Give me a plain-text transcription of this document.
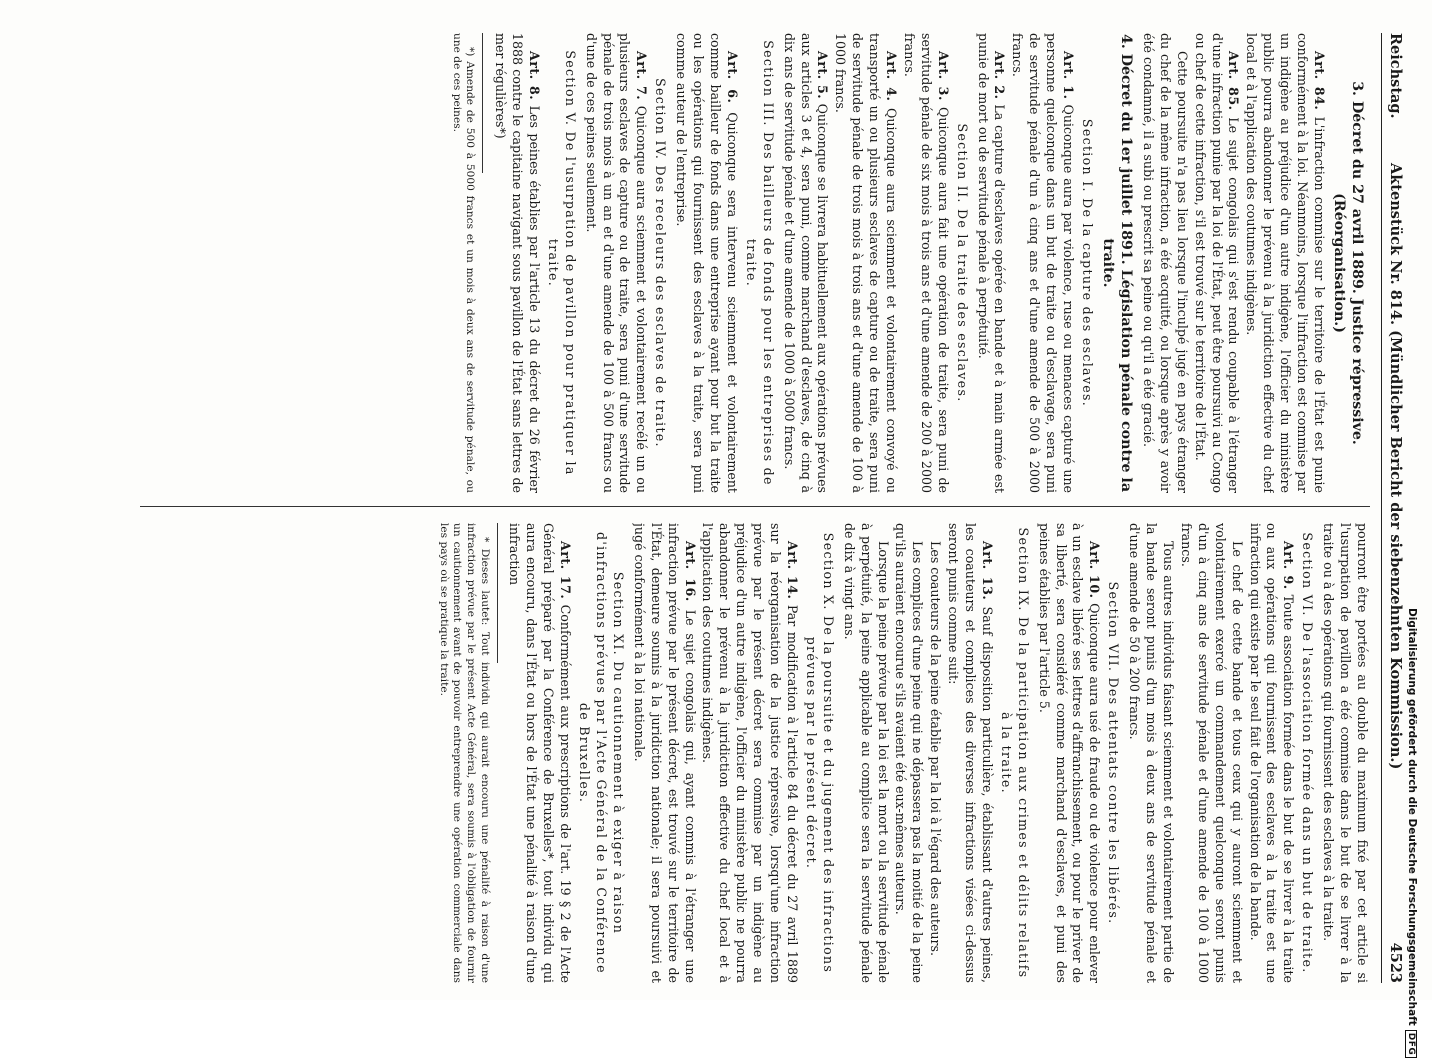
Reichstag.
Aktenstück Nr. 814. (Mündlicher Bericht der siebenzehnten Kommission.)
4523

3. Décret du 27 avril 1889. Justice répressive. (Réorganisation.)

Art. 84. L'infraction commise sur le territoire de l'État est punie conformément à la loi. Néanmoins, lorsque l'infraction est commise par un indigène au préjudice d'un autre indigène, l'officier du ministère public pourra abandonner le prévenu à la juridiction effective du chef local et à l'application des coutumes indigènes.

Art. 85. Le sujet congolais qui s'est rendu coupable à l'étranger d'une infraction punie par la loi de l'État, peut être poursuivi au Congo ou chef de cette infraction, s'il est trouvé sur le territoire de l'État.

Cette poursuite n'a pas lieu lorsque l'inculpé jugé en pays étranger du chef de la même infraction, a été acquitté, ou lorsque après y avoir été condamné, il a subi ou prescrit sa peine ou qu'il a été gracié.

4. Décret du 1er juillet 1891. Législation pénale contre la traite.

Section I. De la capture des esclaves.

Art. 1. Quiconque aura par violence, ruse ou menaces capturé une personne quelconque dans un but de traite ou d'esclavage, sera puni de servitude pénale d'un à cinq ans et d'une amende de 500 à 2000 francs.

Art. 2. La capture d'esclaves opérée en bande et à main armée est punie de mort ou de servitude pénale à perpétuité.

Section II. De la traite des esclaves.

Art. 3. Quiconque aura fait une opération de traite, sera puni de servitude pénale de six mois à trois ans et d'une amende de 200 à 2000 francs.

Art. 4. Quiconque aura sciemment et volontairement convoyé ou transporté un ou plusieurs esclaves de capture ou de traite, sera puni de servitude pénale de trois mois à trois ans et d'une amende de 100 à 1000 francs.

Art. 5. Quiconque se livrera habituellement aux opérations prévues aux articles 3 et 4, sera puni, comme marchand d'esclaves, de cinq à dix ans de servitude pénale et d'une amende de 1000 à 5000 francs.

Section III. Des bailleurs de fonds pour les entreprises de traite.

Art. 6. Quiconque sera intervenu sciemment et volontairement comme bailleur de fonds dans une entreprise ayant pour but la traite ou les opérations qui fournissent des esclaves à la traite, sera puni comme auteur de l'entreprise.

Section IV. Des receleurs des esclaves de traite.

Art. 7. Quiconque aura sciemment et volontairement recélé un ou plusieurs esclaves de capture ou de traite, sera puni d'une servitude pénale de trois mois à un an et d'une amende de 100 à 500 francs ou d'une de ces peines seulement.

Section V. De l'usurpation de pavillon pour pratiquer la traite.

Art. 8. Les peines établies par l'article 13 du décret du 26 février 1888 contre le capitaine navigant sous pavillon de l'État sans lettres de mer régulières*)

*) Amende de 500 à 5000 francs et un mois à deux ans de servitude pénale, ou une de ces peines.

pourront être portées au double du maximum fixé par cet article si l'usurpation de pavillon a été commise dans le but de se livrer à la traite ou à des opérations qui fournissent des esclaves à la traite.

Section VI. De l'association formée dans un but de traite.

Art. 9. Toute association formée dans le but de se livrer à la traite ou aux opérations qui fournissent des esclaves à la traite est une infraction qui existe par le seul fait de l'organisation de la bande.

Le chef de cette bande et tous ceux qui y auront sciemment et volontairement exercé un commandement quelconque seront punis d'un à cinq ans de servitude pénale et d'une amende de 100 à 1000 francs.

Tous autres individus faisant sciemment et volontairement partie de la bande seront punis d'un mois à deux ans de servitude pénale et d'une amende de 50 à 200 francs.

Section VII. Des attentats contre les libérés.

Art. 10. Quiconque aura usé de fraude ou de violence pour enlever à un esclave libéré ses lettres d'affranchissement, ou pour le priver de sa liberté, sera considéré comme marchand d'esclaves, et puni des peines établies par l'article 5.

Section IX. De la participation aux crimes et délits relatifs à la traite.

Art. 13. Sauf disposition particulière, établissant d'autres peines, les coauteurs et complices des diverses infractions visées ci-dessus seront punis comme suit:

Les coauteurs de la peine établie par la loi à l'égard des auteurs.

Les complices d'une peine qui ne dépassera pas la moitié de la peine qu'ils auraient encourue s'ils avaient été eux-mêmes auteurs.

Lorsque la peine prévue par la loi est la mort ou la servitude pénale à perpétuité, la peine applicable au complice sera la servitude pénale de dix à vingt ans.

Section X. De la poursuite et du jugement des infractions prévues par le présent décret.

Art. 14. Par modification à l'article 84 du décret du 27 avril 1889 sur la réorganisation de la justice répressive, lorsqu'une infraction prévue par le présent décret sera commise par un indigène au préjudice d'un autre indigène, l'officier du ministère public ne pourra abandonner le prévenu à la juridiction effective du chef local et à l'application des coutumes indigènes.

Art. 16. Le sujet congolais qui, ayant commis à l'étranger une infraction prévue par le présent décret, est trouvé sur le territoire de l'État, demeure soumis à la juridiction nationale; il sera poursuivi et jugé conformément à la loi nationale.

Section XI. Du cautionnement à exiger à raison d'infractions prévues par l'Acte Général de la Conférence de Bruxelles.

Art. 17. Conformément aux prescriptions de l'art. 19 § 2 de l'Acte Général préparé par la Conférence de Bruxelles*, tout individu qui aura encouru, dans l'État ou hors de l'État une pénalité à raison d'une infraction

* Dieses lautet: Tout individu qui aurait encouru une pénalité à raison d'une infraction prévue par le présent Acte Général, sera soumis à l'obligation de fournir un cautionnement avant de pouvoir entreprendre une opération commerciale dans les pays où se pratique la traite.	Digitalisierung gefördert durch die Deutsche ForschungsgemeinschaftDFG
